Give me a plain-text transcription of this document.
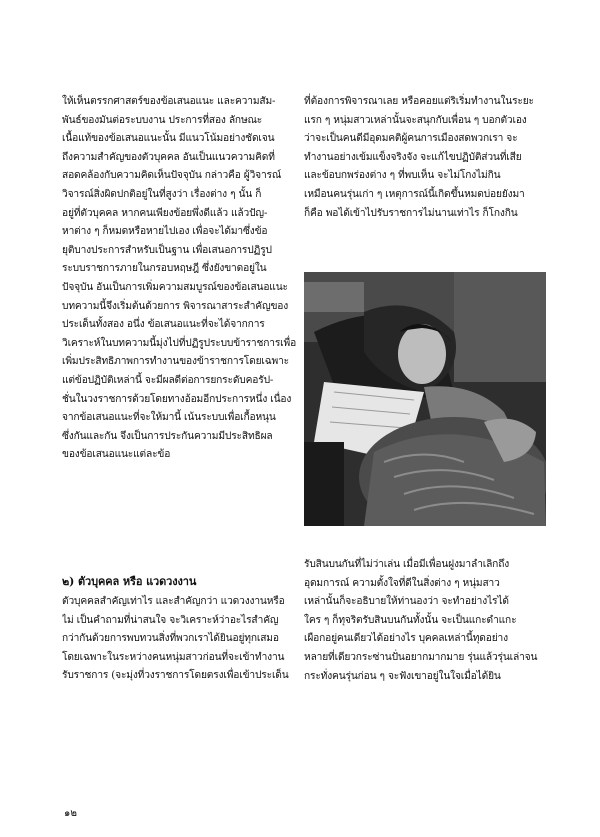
ให้เห็นตรรกศาสตร์ของข้อเสนอแนะ และความสัม-
พันธ์ของมันต่อระบบงาน ประการที่สอง ลักษณะ
เนื้อแท้ของข้อเสนอแนะนั้น มีแนวโน้มอย่างชัดเจน
ถึงความสำคัญของตัวบุคคล อันเป็นแนวความคิดที่
สอดคล้องกับความคิดเห็นปัจจุบัน กล่าวคือ ผู้วิจารณ์
วิจารณ์สิ่งผิดปกติอยู่ในที่สูงว่า เรื่องต่าง ๆ นั้น ก็
อยู่ที่ตัวบุคคล หากคนเพียงข้อยพึ่งดีแล้ว แล้วปัญ-
หาต่าง ๆ ก็หมดหรือหายไปเอง เพื่อจะได้มาซึ่งข้อ
ยุติบางประการสำหรับเป็นฐาน เพื่อเสนอการปฏิรูป
ระบบราชการภายในกรอบหฤษฎี ซึ่งยังขาดอยู่ใน
ปัจจุบัน อันเป็นการเพิ่มความสมบูรณ์ของข้อเสนอแนะ
บทความนี้จึงเริ่มต้นด้วยการ พิจารณาสาระสำคัญของ
ประเด็นทั้งสอง อนึ่ง ข้อเสนอแนะที่จะได้จากการ
วิเคราะห์ในบทความนี้มุ่งไปที่ปฏิรูประบบข้าราชการเพื่อ
เพิ่มประสิทธิภาพการทำงานของข้าราชการโดยเฉพาะ
แต่ข้อปฏิบัติเหล่านี้ จะมีผลดีต่อการยกระดับคอรัป-
ชั่นในวงราชการด้วยโดยทางอ้อมอีกประการหนึ่ง เนื่อง
จากข้อเสนอแนะที่จะให้มานี้ เน้นระบบเพื่อเกื้อหนุน
ซึ่งกันและกัน จึงเป็นการประกันความมีประสิทธิผล
ของข้อเสนอแนะแต่ละข้อ
ที่ต้องการพิจารณาเลย หรือคอยแต่ริเริ่มทำงานในระยะ
แรก ๆ หนุ่มสาวเหล่านั้นจะสนุกกับเพื่อน ๆ บอกตัวเอง
ว่าจะเป็นคนดีมีอุดมคติผู้คนการเมืองสดพวกเรา จะ
ทำงานอย่างเข้มแข็งจริงจัง จะแก้ไขปฏิบัติส่วนที่เสีย
และข้อบกพร่องต่าง ๆ ที่พบเห็น จะไม่โกงไม่กิน
เหมือนคนรุ่นเก่า ๆ เหตุการณ์นี้เกิดขึ้นหมดบ่อยยังมา
ก็คือ พอได้เข้าไปรับราชการไม่นานเท่าไร ก็โกงกิน
๒) ตัวบุคคล หรือ แวดวงงาน
ตัวบุคคลสำคัญเท่าไร และสำคัญกว่า แวดวงงานหรือ
ไม่ เป็นคำถามที่น่าสนใจ จะวิเคราะห์ว่าอะไรสำคัญ
กว่ากันด้วยการพบทวนสิ่งที่พวกเราได้ยินอยู่ทุกเสมอ
โดยเฉพาะในระหว่างคนหนุ่มสาวก่อนที่จะเข้าทำงาน
รับราชการ (จะมุ่งที่วงราชการโดยตรงเพื่อเข้าประเด็น
รับสินบนกันที่ไม่ว่าเล่น เมื่อมีเพื่อนฝูงมาลำเลิกถึง
อุดมการณ์ ความตั้งใจที่ดีในสิ่งต่าง ๆ หนุ่มสาว
เหล่านั้นก็จะอธิบายให้ท่านองว่า จะทำอย่างไรได้
ใคร ๆ ก็ทุจริตรับสินบนกันทั้งนั้น จะเป็นแกะดำแกะ
เผือกอยู่คนเดียวได้อย่างไร บุคคลเหล่านี้ทุดอย่าง
หลายที่เดียวกระซ่านปั่นอยากมากมาย รุ่นแล้วรุ่นเล่าจน
กระทั่งคนรุ่นก่อน ๆ จะฟังเขาอยู่ในใจเมื่อได้ยิน
๑๒
